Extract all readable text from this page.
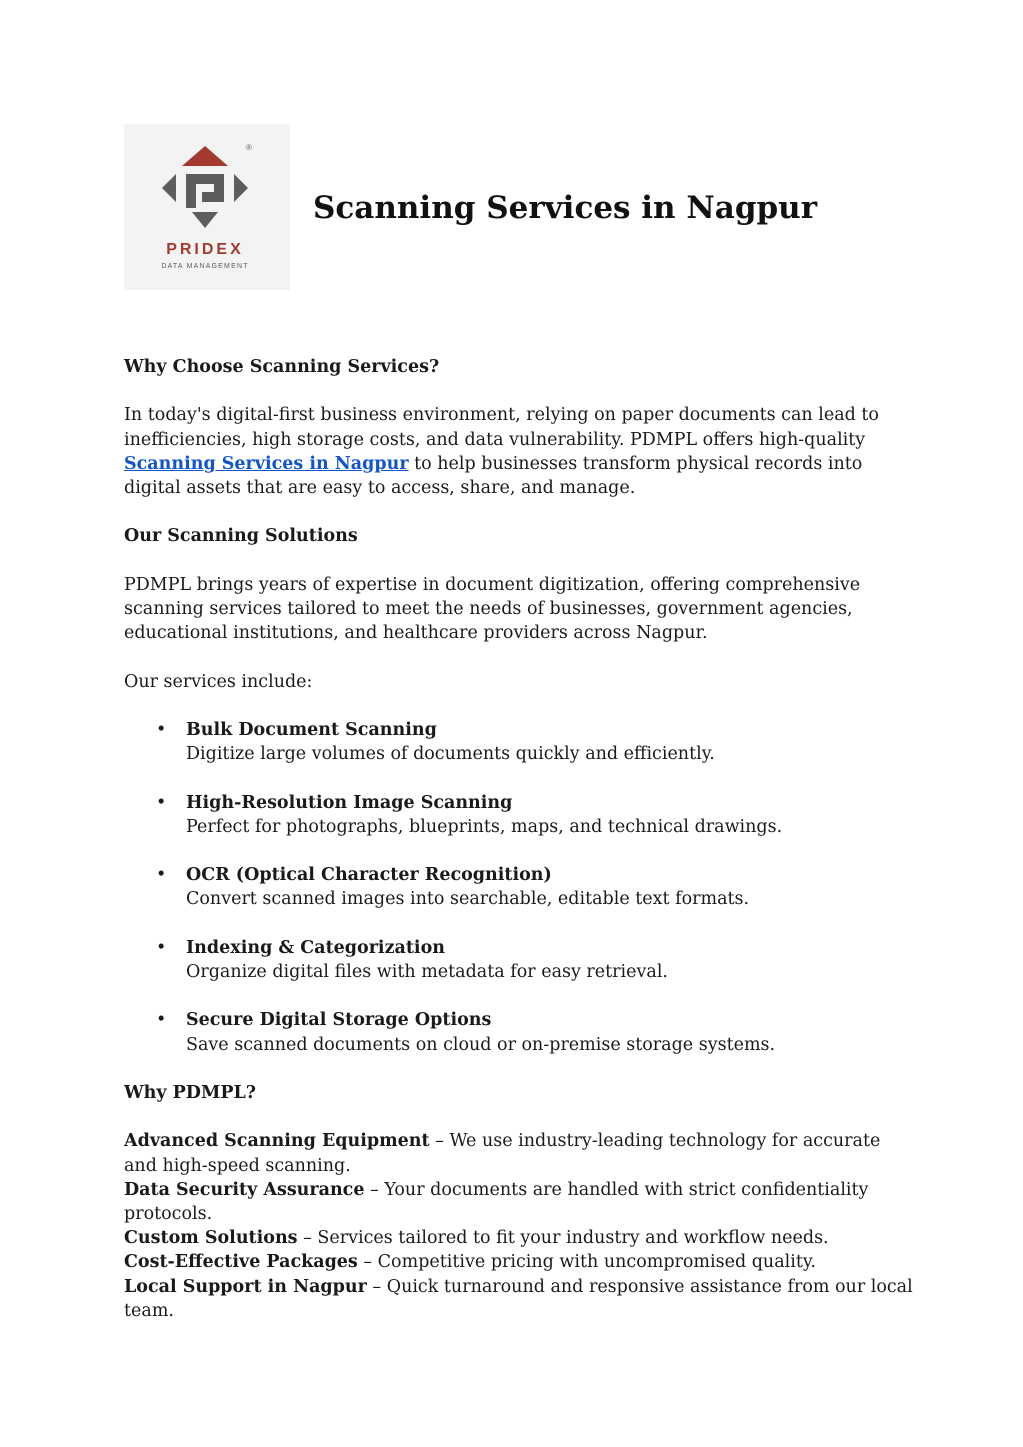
PRIDEX
DATA MANAGEMENT
®
Scanning Services in Nagpur

Why Choose Scanning Services?

In today's digital-first business environment, relying on paper documents can lead to inefficiencies, high storage costs, and data vulnerability. PDMPL offers high-quality Scanning Services in Nagpur to help businesses transform physical records into digital assets that are easy to access, share, and manage.

Our Scanning Solutions

PDMPL brings years of expertise in document digitization, offering comprehensive scanning services tailored to meet the needs of businesses, government agencies, educational institutions, and healthcare providers across Nagpur.

Our services include:

• Bulk Document Scanning
Digitize large volumes of documents quickly and efficiently.
• High-Resolution Image Scanning
Perfect for photographs, blueprints, maps, and technical drawings.
• OCR (Optical Character Recognition)
Convert scanned images into searchable, editable text formats.
• Indexing & Categorization
Organize digital files with metadata for easy retrieval.
• Secure Digital Storage Options
Save scanned documents on cloud or on-premise storage systems.

Why PDMPL?

Advanced Scanning Equipment – We use industry-leading technology for accurate and high-speed scanning.

Data Security Assurance – Your documents are handled with strict confidentiality protocols.

Custom Solutions – Services tailored to fit your industry and workflow needs.

Cost-Effective Packages – Competitive pricing with uncompromised quality.

Local Support in Nagpur – Quick turnaround and responsive assistance from our local team.
